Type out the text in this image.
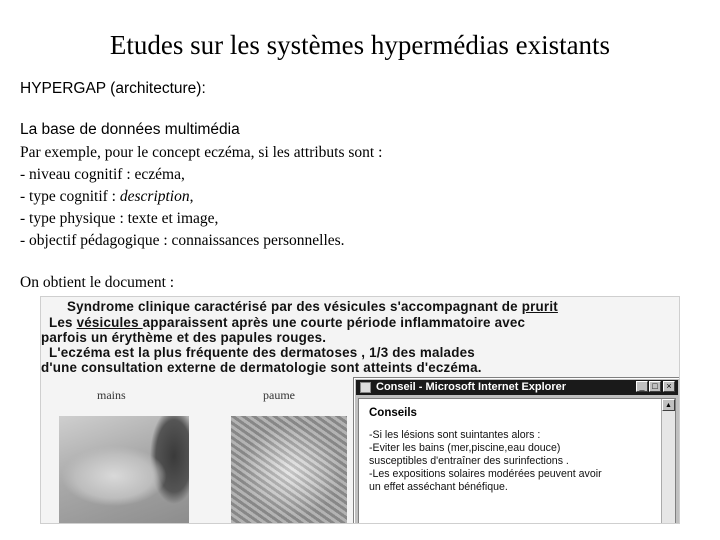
Etudes sur les systèmes hypermédias existants
HYPERGAP (architecture):
La base de données multimédia
Par exemple, pour le concept eczéma, si les attributs sont :
- niveau cognitif : eczéma,
- type cognitif : description,
- type physique : texte et image,
- objectif pédagogique : connaissances personnelles.
On obtient le document :
Syndrome clinique caractérisé par des vésicules s'accompagnant de prurit
Les vésicules apparaissent après une courte période inflammatoire avec
parfois un érythème et des papules rouges.
L'eczéma est la plus fréquente des dermatoses , 1/3 des malades
d'une consultation externe de dermatologie sont atteints d'eczéma.
mains	paume
Conseil - Microsoft Internet Explorer	_ □ ×
Conseils
-Si les lésions sont suintantes alors :
-Eviter les bains (mer,piscine,eau douce)
susceptibles d'entraîner des surinfections .
-Les expositions solaires modérées peuvent avoir
un effet asséchant bénéfique.
▲
